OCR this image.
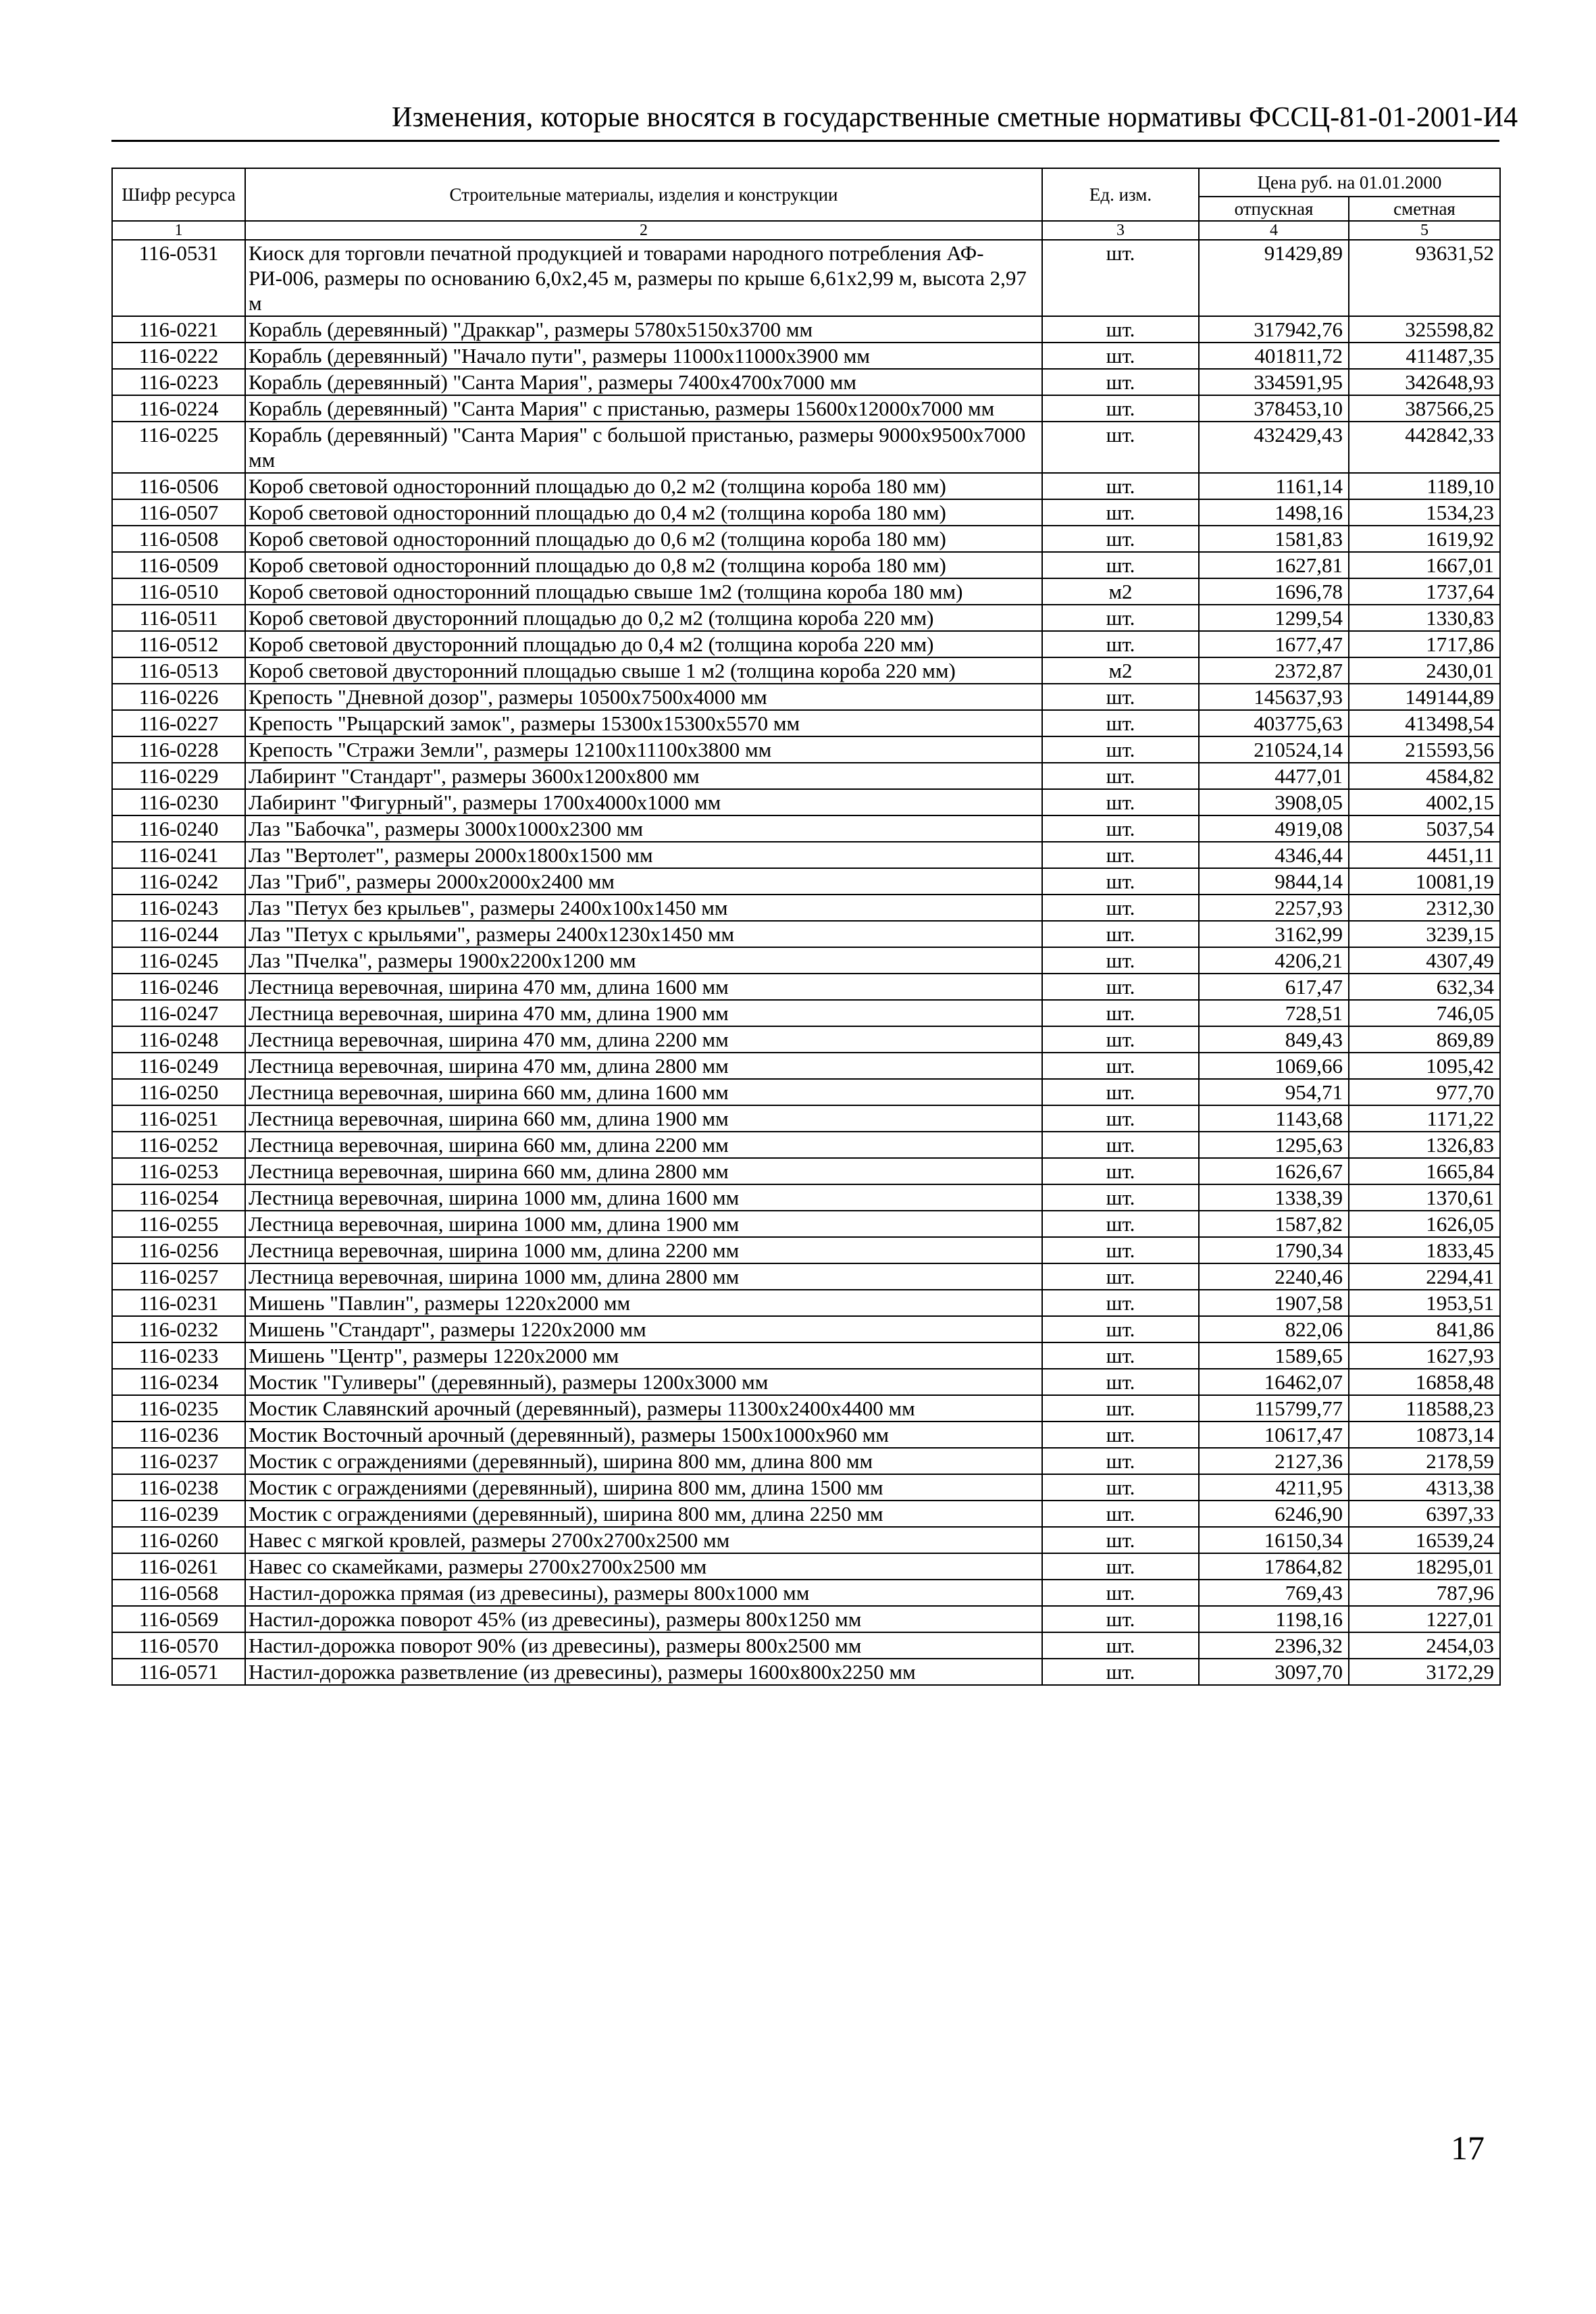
Изменения, которые вносятся в государственные сметные нормативы ФССЦ-81-01-2001-И4
Шифр ресурса	Строительные материалы, изделия и конструкции	Ед. изм.	Цена руб. на 01.01.2000	
			отпускная	сметная
1	2	3	4	5
116-0531	Киоск для торговли печатной продукцией и товарами народного потребления АФ-РИ-006, размеры по основанию 6,0х2,45 м, размеры по крыше 6,61х2,99 м, высота 2,97 м	шт.	91429,89	93631,52
116-0221	Корабль (деревянный) "Драккар", размеры 5780х5150х3700 мм	шт.	317942,76	325598,82
116-0222	Корабль (деревянный) "Начало пути", размеры 11000х11000х3900 мм	шт.	401811,72	411487,35
116-0223	Корабль (деревянный) "Санта Мария", размеры 7400х4700х7000 мм	шт.	334591,95	342648,93
116-0224	Корабль (деревянный) "Санта Мария" с пристанью, размеры 15600х12000х7000 мм	шт.	378453,10	387566,25
116-0225	Корабль (деревянный) "Санта Мария" с большой пристанью, размеры 9000х9500х7000 мм	шт.	432429,43	442842,33
116-0506	Короб световой односторонний площадью до 0,2 м2 (толщина короба 180 мм)	шт.	1161,14	1189,10
116-0507	Короб световой односторонний площадью до 0,4 м2 (толщина короба 180 мм)	шт.	1498,16	1534,23
116-0508	Короб световой односторонний площадью до 0,6 м2 (толщина короба 180 мм)	шт.	1581,83	1619,92
116-0509	Короб световой односторонний площадью до 0,8 м2 (толщина короба 180 мм)	шт.	1627,81	1667,01
116-0510	Короб световой односторонний площадью свыше 1м2 (толщина короба 180 мм)	м2	1696,78	1737,64
116-0511	Короб световой двусторонний площадью до 0,2 м2 (толщина короба 220 мм)	шт.	1299,54	1330,83
116-0512	Короб световой двусторонний площадью до 0,4 м2 (толщина короба 220 мм)	шт.	1677,47	1717,86
116-0513	Короб световой двусторонний площадью свыше 1 м2 (толщина короба 220 мм)	м2	2372,87	2430,01
116-0226	Крепость "Дневной дозор", размеры 10500х7500х4000 мм	шт.	145637,93	149144,89
116-0227	Крепость "Рыцарский замок", размеры 15300х15300х5570 мм	шт.	403775,63	413498,54
116-0228	Крепость "Стражи Земли", размеры 12100х11100х3800 мм	шт.	210524,14	215593,56
116-0229	Лабиринт "Стандарт", размеры 3600х1200х800 мм	шт.	4477,01	4584,82
116-0230	Лабиринт "Фигурный", размеры 1700х4000х1000 мм	шт.	3908,05	4002,15
116-0240	Лаз "Бабочка", размеры 3000х1000х2300 мм	шт.	4919,08	5037,54
116-0241	Лаз "Вертолет", размеры 2000х1800х1500 мм	шт.	4346,44	4451,11
116-0242	Лаз "Гриб", размеры 2000х2000х2400 мм	шт.	9844,14	10081,19
116-0243	Лаз "Петух без крыльев", размеры 2400х100х1450 мм	шт.	2257,93	2312,30
116-0244	Лаз "Петух с крыльями", размеры 2400х1230х1450 мм	шт.	3162,99	3239,15
116-0245	Лаз "Пчелка", размеры 1900х2200х1200 мм	шт.	4206,21	4307,49
116-0246	Лестница веревочная, ширина 470 мм, длина 1600 мм	шт.	617,47	632,34
116-0247	Лестница веревочная, ширина 470 мм, длина 1900 мм	шт.	728,51	746,05
116-0248	Лестница веревочная, ширина 470 мм, длина 2200 мм	шт.	849,43	869,89
116-0249	Лестница веревочная, ширина 470 мм, длина 2800 мм	шт.	1069,66	1095,42
116-0250	Лестница веревочная, ширина 660 мм, длина 1600 мм	шт.	954,71	977,70
116-0251	Лестница веревочная, ширина 660 мм, длина 1900 мм	шт.	1143,68	1171,22
116-0252	Лестница веревочная, ширина 660 мм, длина 2200 мм	шт.	1295,63	1326,83
116-0253	Лестница веревочная, ширина 660 мм, длина 2800 мм	шт.	1626,67	1665,84
116-0254	Лестница веревочная, ширина 1000 мм, длина 1600 мм	шт.	1338,39	1370,61
116-0255	Лестница веревочная, ширина 1000 мм, длина 1900 мм	шт.	1587,82	1626,05
116-0256	Лестница веревочная, ширина 1000 мм, длина 2200 мм	шт.	1790,34	1833,45
116-0257	Лестница веревочная, ширина 1000 мм, длина 2800 мм	шт.	2240,46	2294,41
116-0231	Мишень "Павлин", размеры 1220х2000 мм	шт.	1907,58	1953,51
116-0232	Мишень "Стандарт", размеры 1220х2000 мм	шт.	822,06	841,86
116-0233	Мишень "Центр", размеры 1220х2000 мм	шт.	1589,65	1627,93
116-0234	Мостик "Гуливеры" (деревянный), размеры 1200х3000 мм	шт.	16462,07	16858,48
116-0235	Мостик Славянский арочный (деревянный), размеры 11300х2400х4400 мм	шт.	115799,77	118588,23
116-0236	Мостик Восточный арочный (деревянный), размеры 1500х1000х960 мм	шт.	10617,47	10873,14
116-0237	Мостик с ограждениями (деревянный), ширина 800 мм, длина 800 мм	шт.	2127,36	2178,59
116-0238	Мостик с ограждениями (деревянный), ширина 800 мм, длина 1500 мм	шт.	4211,95	4313,38
116-0239	Мостик с ограждениями (деревянный), ширина 800 мм, длина 2250 мм	шт.	6246,90	6397,33
116-0260	Навес с мягкой кровлей, размеры 2700х2700х2500 мм	шт.	16150,34	16539,24
116-0261	Навес со скамейками, размеры 2700х2700х2500 мм	шт.	17864,82	18295,01
116-0568	Настил-дорожка прямая (из древесины), размеры 800х1000 мм	шт.	769,43	787,96
116-0569	Настил-дорожка поворот 45% (из древесины), размеры 800х1250 мм	шт.	1198,16	1227,01
116-0570	Настил-дорожка поворот 90% (из древесины), размеры 800х2500 мм	шт.	2396,32	2454,03
116-0571	Настил-дорожка разветвление (из древесины), размеры 1600х800х2250 мм	шт.	3097,70	3172,29
17
